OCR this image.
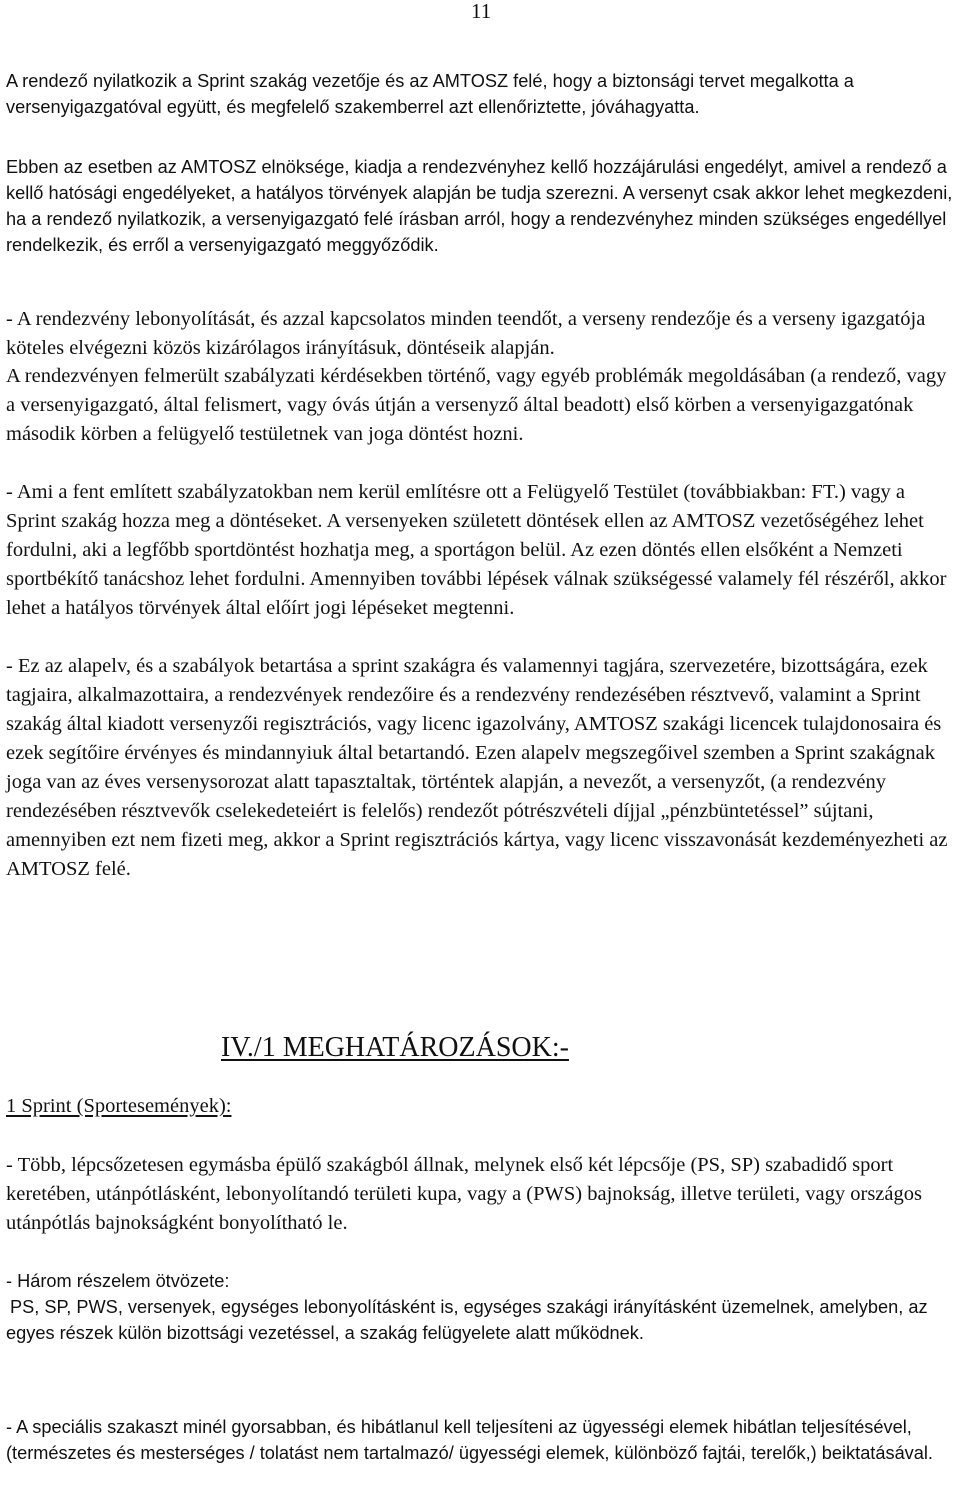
11

A rendező nyilatkozik a Sprint szakág vezetője és az AMTOSZ felé, hogy a biztonsági tervet megalkotta a versenyigazgatóval együtt, és megfelelő szakemberrel azt ellenőriztette, jóváhagyatta.

Ebben az esetben az AMTOSZ elnöksége, kiadja a rendezvényhez kellő hozzájárulási engedélyt, amivel a rendező a kellő hatósági engedélyeket, a hatályos törvények alapján be tudja szerezni. A versenyt csak akkor lehet megkezdeni, ha a rendező nyilatkozik, a versenyigazgató felé írásban arról, hogy a rendezvényhez minden szükséges engedéllyel rendelkezik, és erről a versenyigazgató meggyőződik.

- A rendezvény lebonyolítását, és azzal kapcsolatos minden teendőt, a verseny rendezője és a verseny igazgatója köteles elvégezni közös kizárólagos irányításuk, döntéseik alapján.

A rendezvényen felmerült szabályzati kérdésekben történő, vagy egyéb problémák megoldásában (a rendező, vagy a versenyigazgató, által felismert, vagy óvás útján a versenyző által beadott) első körben a versenyigazgatónak második körben a felügyelő testületnek van joga döntést hozni.

- Ami a fent említett szabályzatokban nem kerül említésre ott a Felügyelő Testület (továbbiakban: FT.) vagy a Sprint szakág hozza meg a döntéseket. A versenyeken született döntések ellen az AMTOSZ vezetőségéhez lehet fordulni, aki a legfőbb sportdöntést hozhatja meg, a sportágon belül. Az ezen döntés ellen elsőként a Nemzeti sportbékítő tanácshoz lehet fordulni. Amennyiben további lépések válnak szükségessé valamely fél részéről, akkor lehet a hatályos törvények által előírt jogi lépéseket megtenni.

- Ez az alapelv, és a szabályok betartása a sprint szakágra és valamennyi tagjára, szervezetére, bizottságára, ezek tagjaira, alkalmazottaira, a rendezvények rendezőire és a rendezvény rendezésében résztvevő, valamint a Sprint szakág által kiadott versenyzői regisztrációs, vagy licenc igazolvány, AMTOSZ szakági licencek tulajdonosaira és ezek segítőire érvényes és mindannyiuk által betartandó. Ezen alapelv megszegőivel szemben a Sprint szakágnak joga van az éves versenysorozat alatt tapasztaltak, történtek alapján, a nevezőt, a versenyzőt, (a rendezvény rendezésében résztvevők cselekedeteiért is felelős) rendezőt pótrészvételi díjjal „pénzbüntetéssel” sújtani, amennyiben ezt nem fizeti meg, akkor a Sprint regisztrációs kártya, vagy licenc visszavonását kezdeményezheti az AMTOSZ felé.

IV./1 MEGHATÁROZÁSOK:-
1 Sprint (Sportesemények):

- Több, lépcsőzetesen egymásba épülő szakágból állnak, melynek első két lépcsője (PS, SP) szabadidő sport keretében, utánpótlásként, lebonyolítandó területi kupa, vagy a (PWS) bajnokság, illetve területi, vagy országos utánpótlás bajnokságként bonyolítható le.

- Három részelem ötvözete:
PS, SP, PWS, versenyek, egységes lebonyolításként is, egységes szakági irányításként üzemelnek, amelyben, az egyes részek külön bizottsági vezetéssel, a szakág felügyelete alatt működnek.

- A speciális szakaszt minél gyorsabban, és hibátlanul kell teljesíteni az ügyességi elemek hibátlan teljesítésével, (természetes és mesterséges / tolatást nem tartalmazó/ ügyességi elemek, különböző fajtái, terelők,) beiktatásával.
